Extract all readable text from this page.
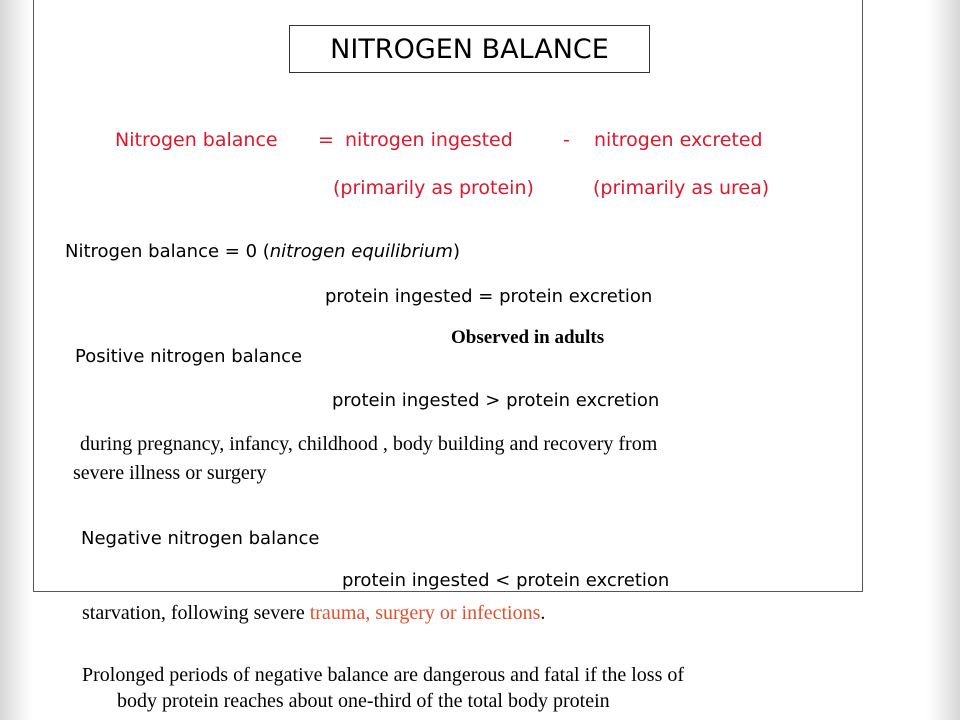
NITROGEN BALANCE
Nitrogen balance = nitrogen ingested	- nitrogen excreted
(primarily as protein)	(primarily as urea)
Nitrogen balance = 0 (nitrogen equilibrium)
protein ingested = protein excretion
Observed in adults
Positive nitrogen balance
protein ingested > protein excretion
during pregnancy, infancy, childhood , body building and recovery from
severe illness or surgery
Negative nitrogen balance
protein ingested < protein excretion
starvation, following severe trauma, surgery or infections.
Prolonged periods of negative balance are dangerous and fatal if the loss of
body protein reaches about one-third of the total body protein
